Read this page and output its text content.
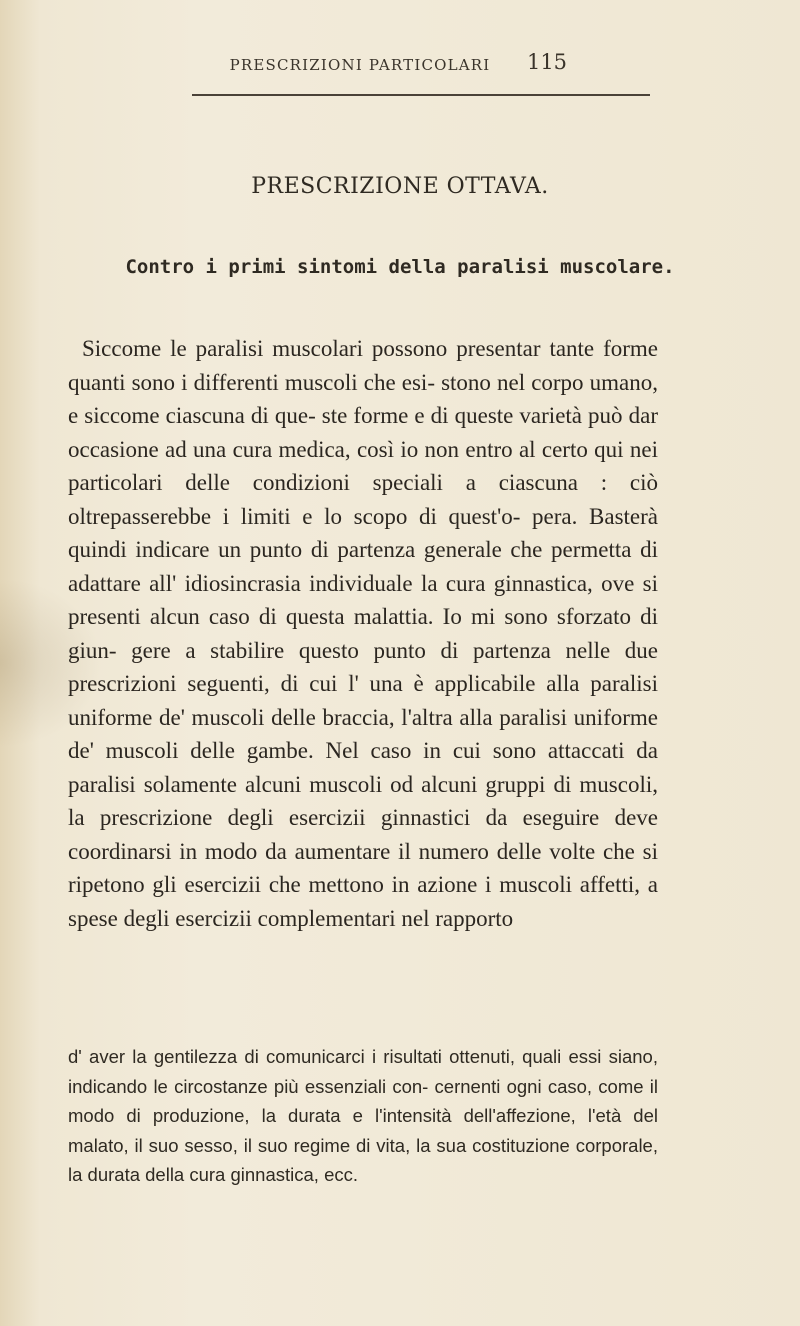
PRESCRIZIONI PARTICOLARI	115
PRESCRIZIONE OTTAVA.
Contro i primi sintomi della paralisi muscolare.

Siccome le paralisi muscolari possono presentar tante forme quanti sono i differenti muscoli che esi- stono nel corpo umano, e siccome ciascuna di que- ste forme e di queste varietà può dar occasione ad una cura medica, così io non entro al certo qui nei particolari delle condizioni speciali a ciascuna : ciò oltrepasserebbe i limiti e lo scopo di quest'o- pera. Basterà quindi indicare un punto di partenza generale che permetta di adattare all' idiosincrasia individuale la cura ginnastica, ove si presenti alcun caso di questa malattia. Io mi sono sforzato di giun- gere a stabilire questo punto di partenza nelle due prescrizioni seguenti, di cui l' una è applicabile alla paralisi uniforme de' muscoli delle braccia, l'altra alla paralisi uniforme de' muscoli delle gambe. Nel caso in cui sono attaccati da paralisi solamente alcuni muscoli od alcuni gruppi di muscoli, la prescrizione degli esercizii ginnastici da eseguire deve coordinarsi in modo da aumentare il numero delle volte che si ripetono gli esercizii che mettono in azione i muscoli affetti, a spese degli esercizii complementari nel rapporto

d' aver la gentilezza di comunicarci i risultati ottenuti, quali essi siano, indicando le circostanze più essenziali con- cernenti ogni caso, come il modo di produzione, la durata e l'intensità dell'affezione, l'età del malato, il suo sesso, il suo regime di vita, la sua costituzione corporale, la durata della cura ginnastica, ecc.
